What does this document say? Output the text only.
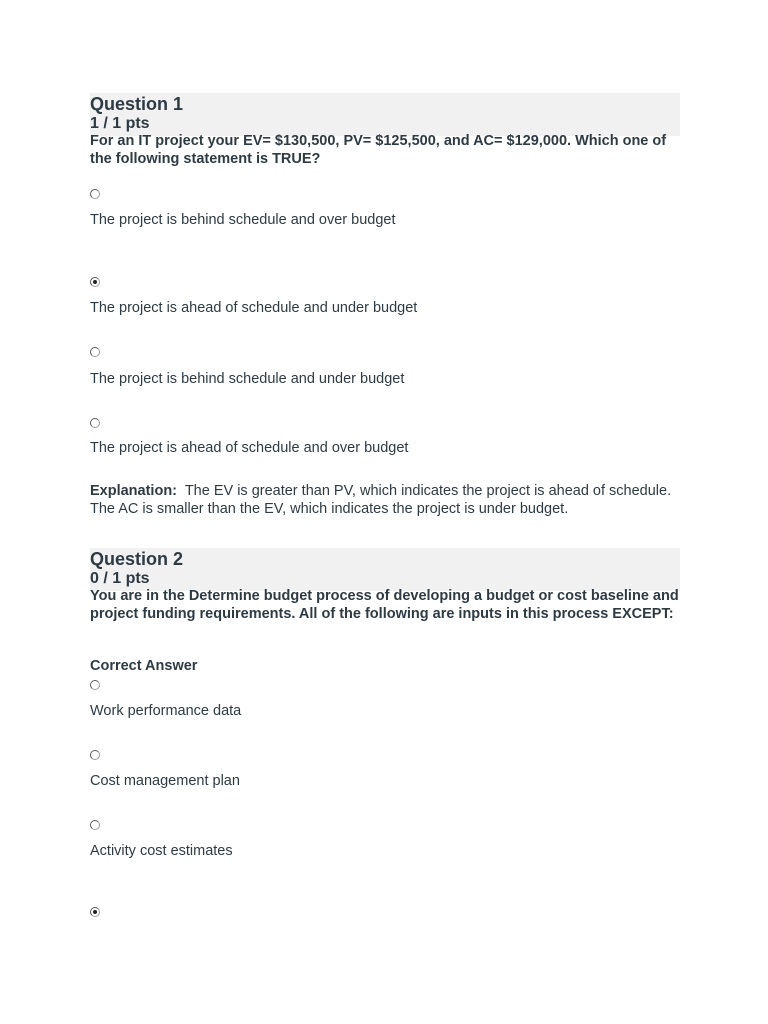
Question 1
1 / 1 pts
For an IT project your EV= $130,500, PV= $125,500, and AC= $129,000. Which one of the following statement is TRUE?
The project is behind schedule and over budget
The project is ahead of schedule and under budget
The project is behind schedule and under budget
The project is ahead of schedule and over budget
Explanation: The EV is greater than PV, which indicates the project is ahead of schedule. The AC is smaller than the EV, which indicates the project is under budget.
Question 2
0 / 1 pts
You are in the Determine budget process of developing a budget or cost baseline and project funding requirements. All of the following are inputs in this process EXCEPT:
Correct Answer
Work performance data
Cost management plan
Activity cost estimates
